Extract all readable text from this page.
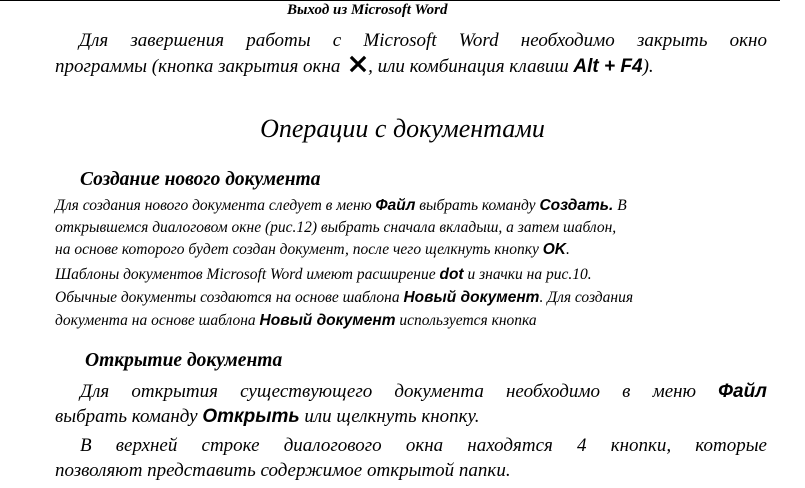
Выход из Microsoft Word
Для завершения работы с Microsoft Word необходимо закрыть окно
программы (кнопка закрытия окна , или комбинация клавиш Alt + F4).
Операции с документами
Создание нового документа
Для создания нового документа следует в меню Файл выбрать команду Создать. В
открывшемся диалоговом окне (рис.12) выбрать сначала вкладыш, а затем шаблон,
на основе которого будет создан документ, после чего щелкнуть кнопку OK.
Шаблоны документов Microsoft Word имеют расширение dot и значки на рис.10.
Обычные документы создаются на основе шаблона Новый документ. Для создания
документа на основе шаблона Новый документ используется кнопка
Открытие документа
Для открытия существующего документа необходимо в меню Файл
выбрать команду Открыть или щелкнуть кнопку.
В верхней строке диалогового окна находятся 4 кнопки, которые
позволяют представить содержимое открытой папки.
